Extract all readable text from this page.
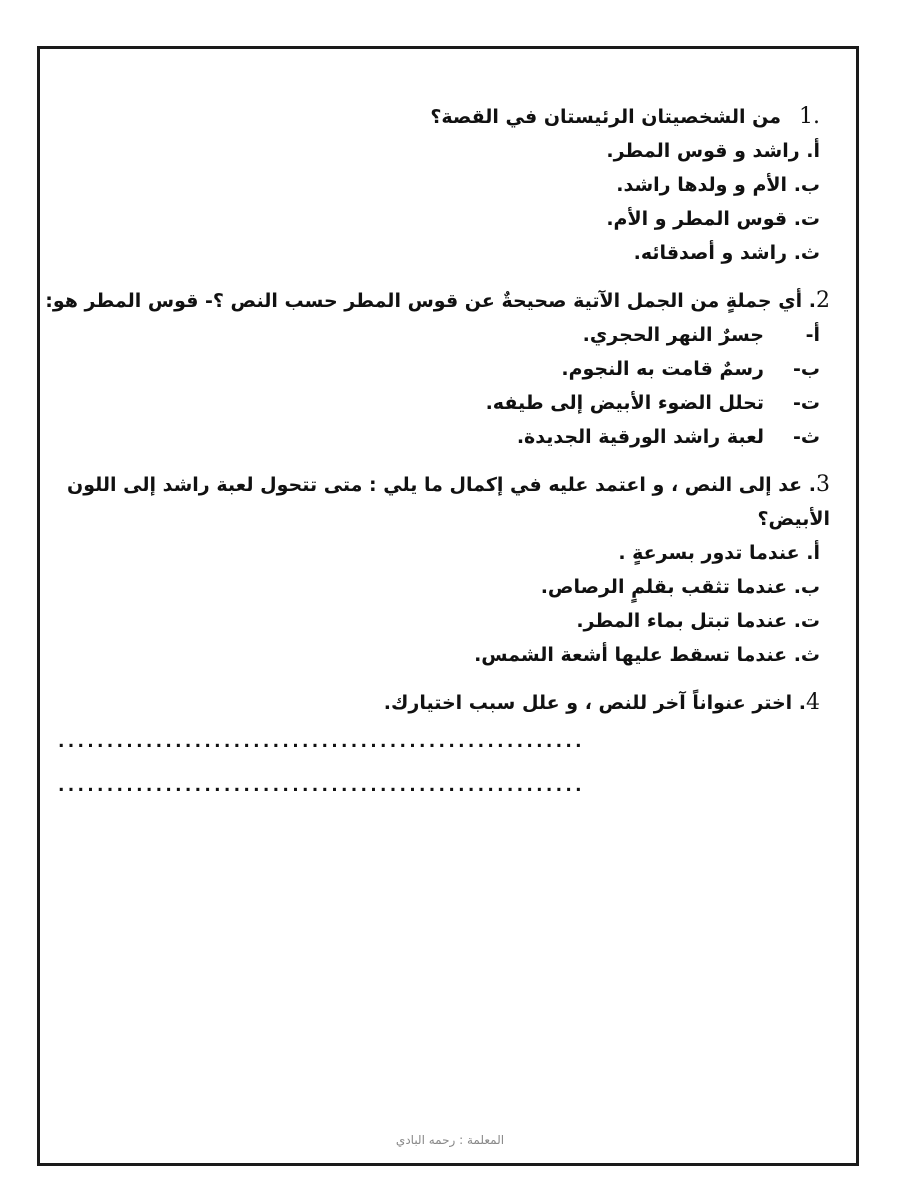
1.من الشخصيتان الرئيستان في القصة؟

أ. راشد و قوس المطر.

ب. الأم و ولدها راشد.

ت. قوس المطر و الأم.

ث. راشد و أصدقائه.

2. أي جملةٍ من الجمل الآتية صحيحةٌ عن قوس المطر حسب النص ؟- قوس المطر هو:

أ-جسرٌ النهر الحجري.

ب-رسمٌ قامت به النجوم.

ت-تحلل الضوء الأبيض إلى طيفه.

ث-لعبة راشد الورقية الجديدة.

3. عد إلى النص ، و اعتمد عليه في إكمال ما يلي : متى تتحول لعبة راشد إلى اللون الأبيض؟

أ. عندما تدور بسرعةٍ .

ب. عندما تثقب بقلمٍ الرصاص.

ت. عندما تبتل بماء المطر.

ث. عندما تسقط عليها أشعة الشمس.

4. اختر عنواناً آخر للنص ، و علل سبب اختيارك.

......................................................
......................................................
المعلمة : رحمه البادي
